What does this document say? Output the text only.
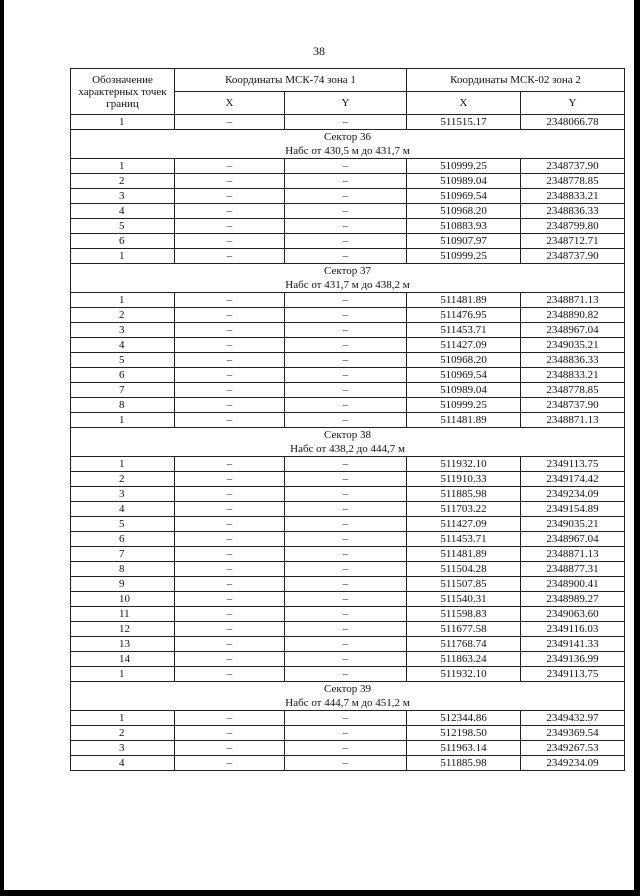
38
Обозначение характерных точек границ	Координаты МСК-74 зона 1		Координаты МСК-02 зона 2	
	X	Y	X	Y
1	–	–	511515.17	2348066.78
Сектор 36				
Набс от 430,5 м до 431,7 м				
1	–	–	510999.25	2348737.90
2	–	–	510989.04	2348778.85
3	–	–	510969.54	2348833.21
4	–	–	510968.20	2348836.33
5	–	–	510883.93	2348799.80
6	–	–	510907.97	2348712.71
1	–	–	510999.25	2348737.90
Сектор 37				
Набс от 431,7 м до 438,2 м				
1	–	–	511481.89	2348871.13
2	–	–	511476.95	2348890.82
3	–	–	511453.71	2348967.04
4	–	–	511427.09	2349035.21
5	–	–	510968.20	2348836.33
6	–	–	510969.54	2348833.21
7	–	–	510989.04	2348778.85
8	–	–	510999.25	2348737.90
1	–	–	511481.89	2348871.13
Сектор 38				
Набс от 438,2 до 444,7 м				
1	–	–	511932.10	2349113.75
2	–	–	511910.33	2349174.42
3	–	–	511885.98	2349234.09
4	–	–	511703.22	2349154.89
5	–	–	511427.09	2349035.21
6	–	–	511453.71	2348967.04
7	–	–	511481.89	2348871.13
8	–	–	511504.28	2348877.31
9	–	–	511507.85	2348900.41
10	–	–	511540.31	2348989.27
11	–	–	511598.83	2349063.60
12	–	–	511677.58	2349116.03
13	–	–	511768.74	2349141.33
14	–	–	511863.24	2349136.99
1	–	–	511932.10	2349113.75
Сектор 39				
Набс от 444,7 м до 451,2 м				
1	–	–	512344.86	2349432.97
2	–	–	512198.50	2349369.54
3	–	–	511963.14	2349267.53
4	–	–	511885.98	2349234.09
